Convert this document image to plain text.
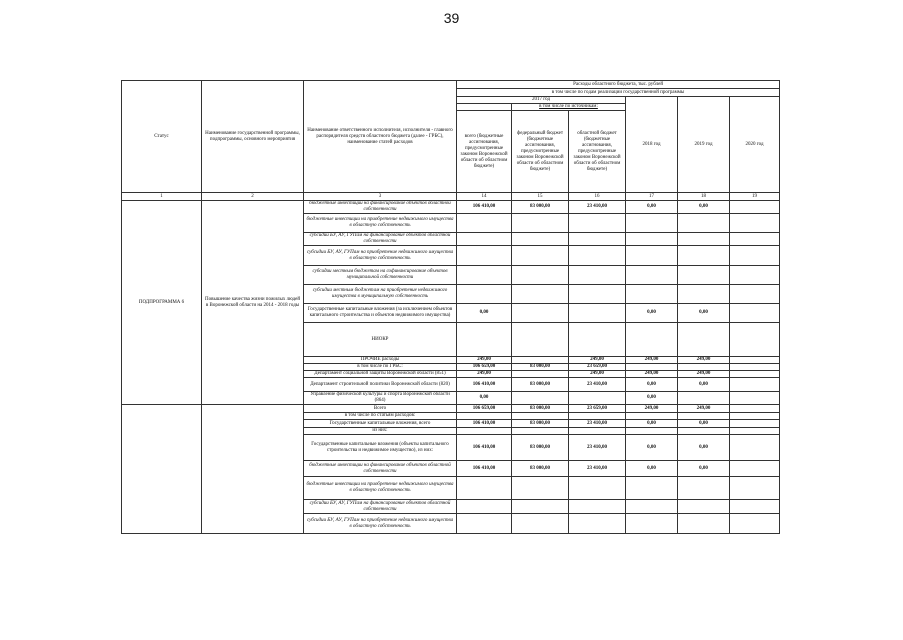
39
Статус	Наименование государственной программы, подпрограммы, основного мероприятия	Наименование ответственного исполнителя, исполнителя - главного распорядителя средств областного бюджета (далее - ГРБС), наименование статей расходов	Расходы областного бюджета, тыс. рублей					
			в том числе по годам реализации государственной программы					
			2017 год			2018 год	2019 год	2020 год
				в том числе по источникам:				
			всего (бюджетные ассигнования, предусмотренные законом Воронежской области об областном бюджете)	федеральный бюджет (бюджетные ассигнования, предусмотренные законом Воронежской области об областном бюджете)	областной бюджет (бюджетные ассигнования, предусмотренные законом Воронежской области об областном бюджете)			
1	2	3	14	15	16	17	18	19
ПОДПРОГРАММА 6	Повышение качества жизни пожилых людей в Воронежской области на 2014 - 2018 годы	бюджетные инвестиции на финансирование объектов областной собственности	106 410,00	83 000,00	23 410,00	0,00	0,00	
		бюджетные инвестиции на приобретение недвижимого имущества в областную собственность						
		субсидии БУ, АУ, ГУПам на финансирование объектов областной собственности						
		субсидии БУ, АУ, ГУПам на приобретение недвижимого имущества в областную собственность						
		субсидии местным бюджетам на софинансирование объектов муниципальной собственности						
		субсидии местным бюджетам на приобретение недвижимого имущества в муниципальную собственность						
		Государственные капитальные вложения (за исключением объектов капитального строительства и объектов недвижимого имущества)	0,00			0,00	0,00	
		НИОКР						
		ПРОЧИЕ расходы	249,00		249,00	249,00	249,00	
		в том числе по ГРБС:	106 659,00	83 000,00	23 659,00			
		Департамент социальной защиты Воронежской области (851)	249,00		249,00	249,00	249,00	
		Департамент строительной политики Воронежской области (820)	106 410,00	83 000,00	23 410,00	0,00	0,00	
		Управление физической культуры и спорта Воронежской области (864)	0,00			0,00		
		Всего	106 659,00	83 000,00	23 659,00	249,00	249,00	
		в том числе по статьям расходов:						
		Государственные капитальные вложения, всего	106 410,00	83 000,00	23 410,00	0,00	0,00	
		из них:						
		Государственные капитальные вложения (объекты капитального строительства и недвижимое имущество), из них:	106 410,00	83 000,00	23 410,00	0,00	0,00	
		бюджетные инвестиции на финансирование объектов областной собственности	106 410,00	83 000,00	23 410,00	0,00	0,00	
		бюджетные инвестиции на приобретение недвижимого имущества в областную собственность						
		субсидии БУ, АУ, ГУПам на финансирование объектов областной собственности						
		субсидии БУ, АУ, ГУПам на приобретение недвижимого имущества в областную собственность						
